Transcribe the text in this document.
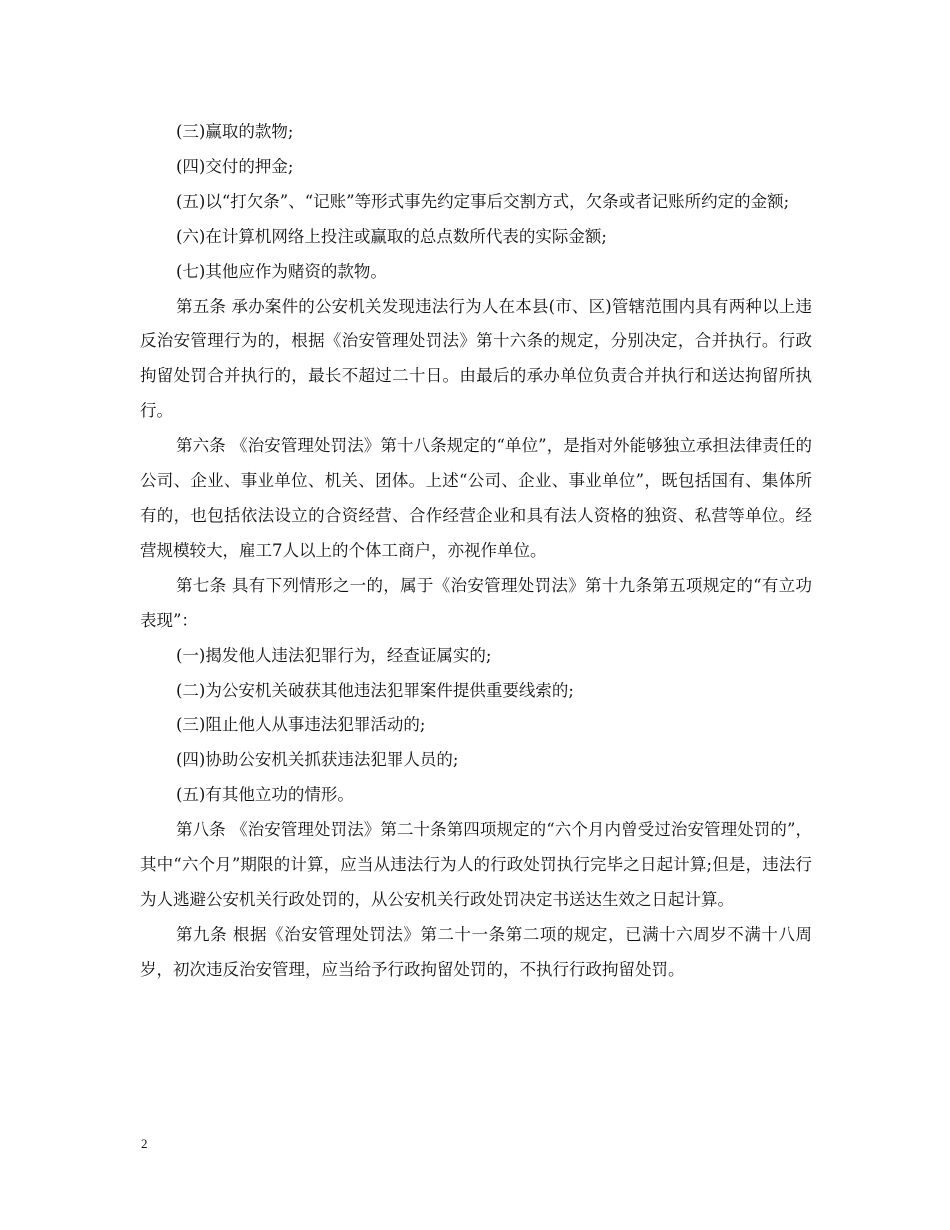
(三)赢取的款物;

(四)交付的押金;

(五)以“打欠条”、“记账”等形式事先约定事后交割方式，欠条或者记账所约定的金额;

(六)在计算机网络上投注或赢取的总点数所代表的实际金额;

(七)其他应作为赌资的款物。

第五条 承办案件的公安机关发现违法行为人在本县(市、区)管辖范围内具有两种以上违反治安管理行为的，根据《治安管理处罚法》第十六条的规定，分别决定，合并执行。行政拘留处罚合并执行的，最长不超过二十日。由最后的承办单位负责合并执行和送达拘留所执行。

第六条 《治安管理处罚法》第十八条规定的“单位”，是指对外能够独立承担法律责任的公司、企业、事业单位、机关、团体。上述“公司、企业、事业单位”，既包括国有、集体所有的，也包括依法设立的合资经营、合作经营企业和具有法人资格的独资、私营等单位。经营规模较大，雇工7人以上的个体工商户，亦视作单位。

第七条 具有下列情形之一的，属于《治安管理处罚法》第十九条第五项规定的“有立功表现”：

(一)揭发他人违法犯罪行为，经查证属实的;

(二)为公安机关破获其他违法犯罪案件提供重要线索的;

(三)阻止他人从事违法犯罪活动的;

(四)协助公安机关抓获违法犯罪人员的;

(五)有其他立功的情形。

第八条 《治安管理处罚法》第二十条第四项规定的“六个月内曾受过治安管理处罚的”，其中“六个月”期限的计算，应当从违法行为人的行政处罚执行完毕之日起计算;但是，违法行为人逃避公安机关行政处罚的，从公安机关行政处罚决定书送达生效之日起计算。

第九条 根据《治安管理处罚法》第二十一条第二项的规定，已满十六周岁不满十八周岁，初次违反治安管理，应当给予行政拘留处罚的，不执行行政拘留处罚。

2
